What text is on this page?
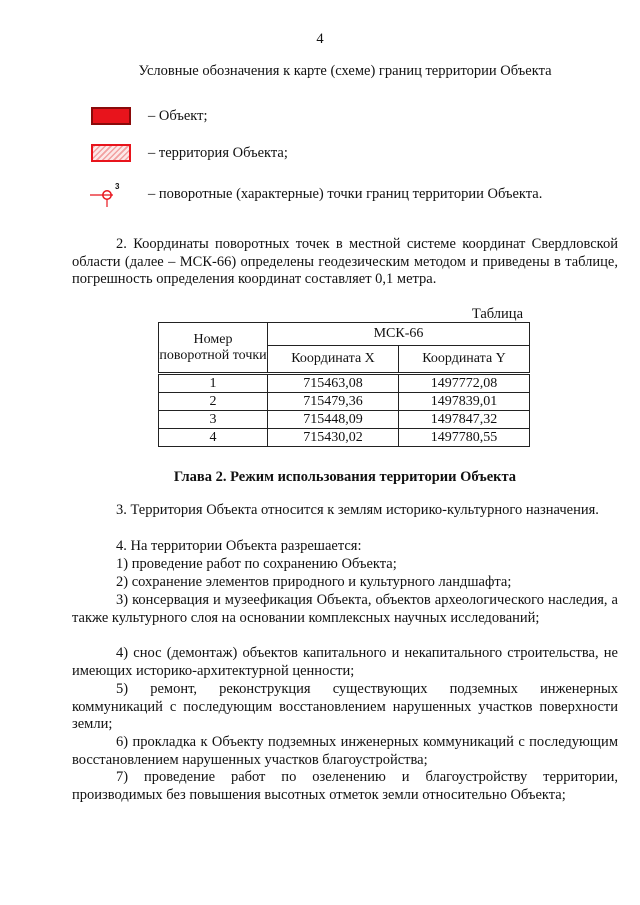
4
Условные обозначения к карте (схеме) границ территории Объекта
– Объект;
– территория Объекта;
3 – поворотные (характерные) точки границ территории Объекта.

2. Координаты поворотных точек в местной системе координат Свердловской области (далее – МСК-66) определены геодезическим методом и приведены в таблице, погрешность определения координат составляет 0,1 метра.

Таблица
Номер поворотной точки	МСК-66	
	Координата X	Координата Y
1	715463,08	1497772,08
2	715479,36	1497839,01
3	715448,09	1497847,32
4	715430,02	1497780,55
Глава 2. Режим использования территории Объекта

3. Территория Объекта относится к землям историко-культурного назначения.

4. На территории Объекта разрешается:

1) проведение работ по сохранению Объекта;

2) сохранение элементов природного и культурного ландшафта;

3) консервация и музеефикация Объекта, объектов археологического наследия, а также культурного слоя на основании комплексных научных исследований;

4) снос (демонтаж) объектов капитального и некапитального строительства, не имеющих историко-архитектурной ценности;

5) ремонт, реконструкция существующих подземных инженерных коммуникаций с последующим восстановлением нарушенных участков поверхности земли;

6) прокладка к Объекту подземных инженерных коммуникаций с последующим восстановлением нарушенных участков благоустройства;

7) проведение работ по озеленению и благоустройству территории, производимых без повышения высотных отметок земли относительно Объекта;
